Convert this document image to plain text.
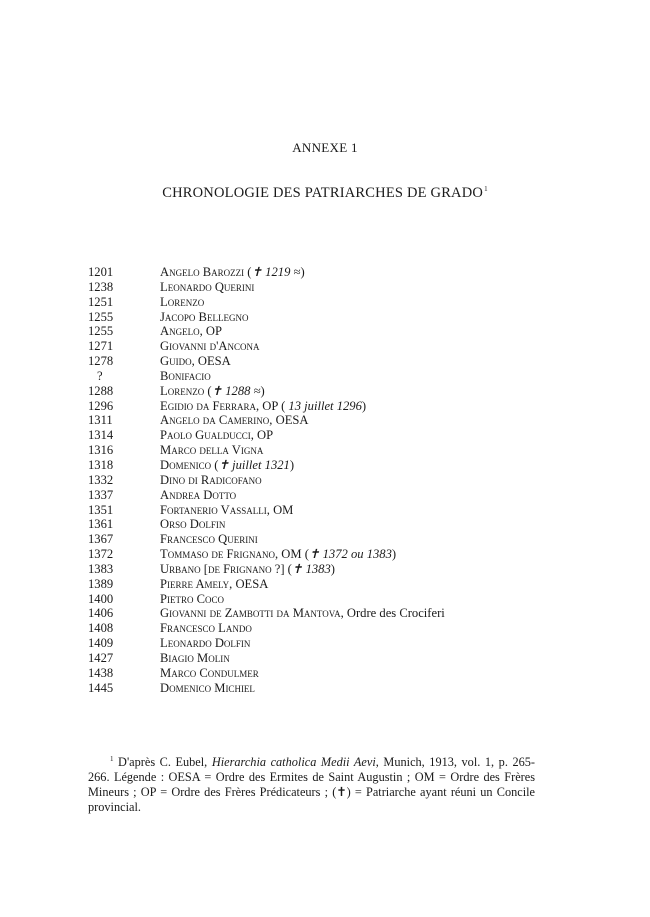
ANNEXE 1
CHRONOLOGIE DES PATRIARCHES DE GRADO$^1$
1201	Angelo Barozzi (✝ 1219 ≈)
1238	Leonardo Querini
1251	Lorenzo
1255	Jacopo Bellegno
1255	Angelo, OP
1271	Giovanni d'Ancona
1278	Guido, OESA
?	Bonifacio
1288	Lorenzo (✝ 1288 ≈)
1296	Egidio da Ferrara, OP ( 13 juillet 1296)
1311	Angelo da Camerino, OESA
1314	Paolo Gualducci, OP
1316	Marco della Vigna
1318	Domenico (✝ juillet 1321)
1332	Dino di Radicofano
1337	Andrea Dotto
1351	Fortanerio Vassalli, OM
1361	Orso Dolfin
1367	Francesco Querini
1372	Tommaso de Frignano, OM (✝ 1372 ou 1383)
1383	Urbano [de Frignano ?] (✝ 1383)
1389	Pierre Amely, OESA
1400	Pietro Coco
1406	Giovanni de Zambotti da Mantova, Ordre des Crociferi
1408	Francesco Lando
1409	Leonardo Dolfin
1427	Biagio Molin
1438	Marco Condulmer
1445	Domenico Michiel
$^1$ D'après C. Eubel, Hierarchia catholica Medii Aevi, Munich, 1913, vol. 1, p. 265-266. Légende : OESA = Ordre des Ermites de Saint Augustin ; OM = Ordre des Frères Mineurs ; OP = Ordre des Frères Prédicateurs ; (✝) = Patriarche ayant réuni un Concile provincial.
